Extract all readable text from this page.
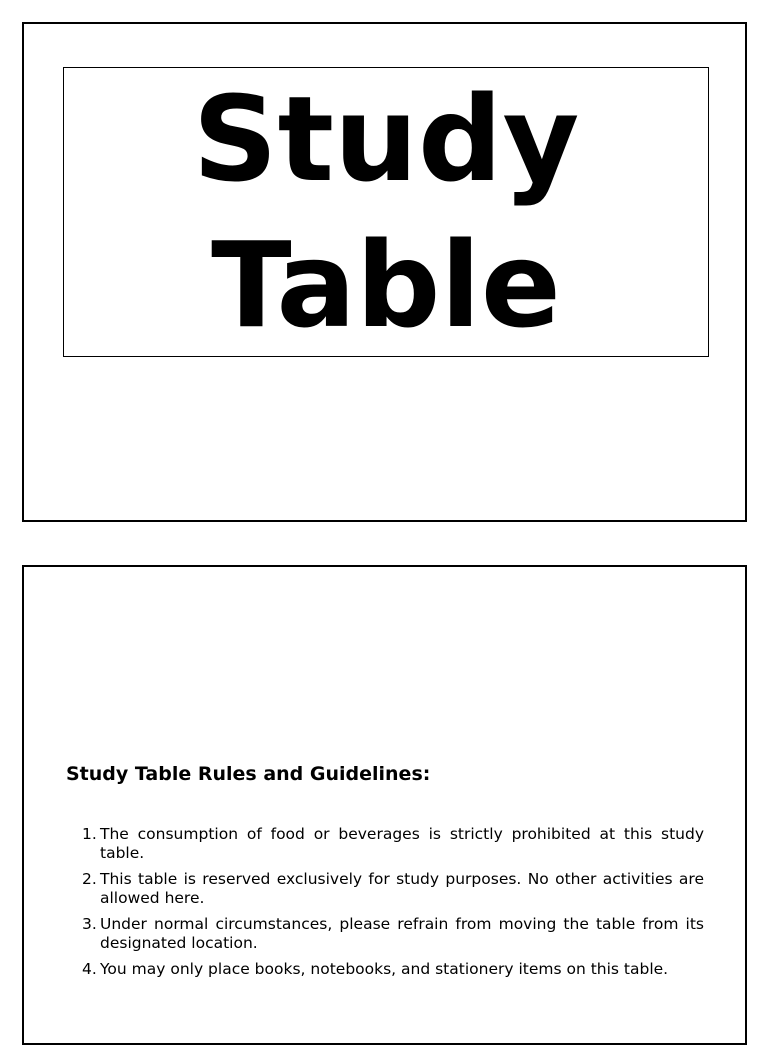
Study
Table
Study Table Rules and Guidelines:
1. The consumption of food or beverages is strictly prohibited at this study table.
2. This table is reserved exclusively for study purposes. No other activities are allowed here.
3. Under normal circumstances, please refrain from moving the table from its designated location.
4. You may only place books, notebooks, and stationery items on this table.
